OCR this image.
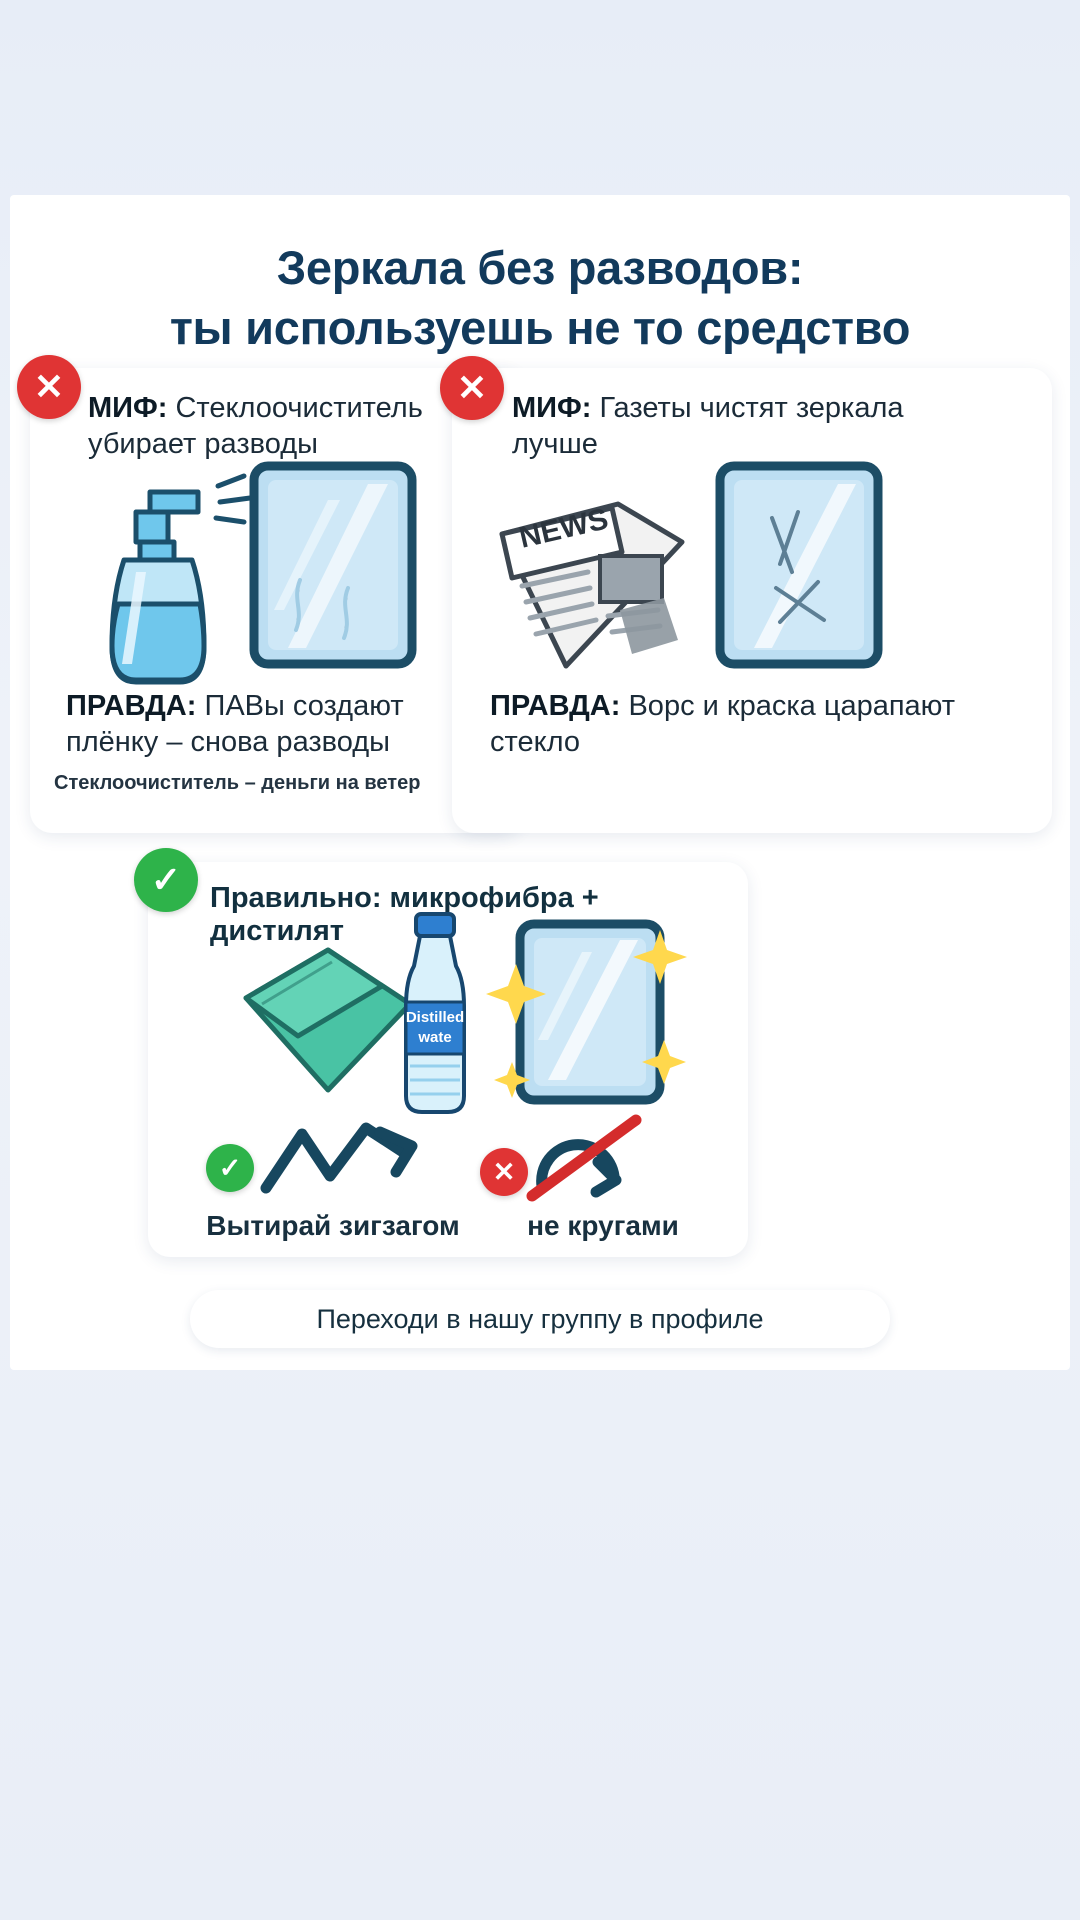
Зеркала без разводов:
ты используешь не то средство
✕
МИФ: Стеклоочиститель убирает разводы
ПРАВДА: ПАВы создают плёнку – снова разводы
Стеклоочиститель – деньги на ветер
✕ МИФ: Газеты чистят зеркала лучше
NEWS
ПРАВДА: Ворс и краска царапают стекло
✓ Правильно: микрофибра + дистилят
Distilled
wate
✓
Вытирай зигзагом
✕
не кругами
Переходи в нашу группу в профиле
